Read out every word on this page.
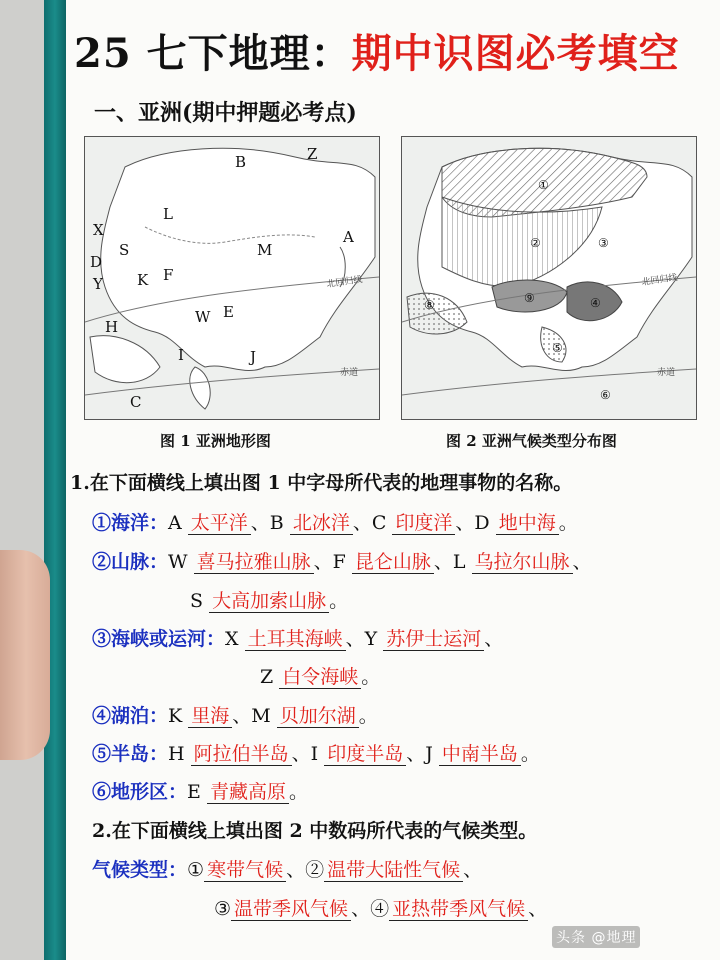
25 七下地理：期中识图必考填空
一、亚洲(期中押题必考点)
北回归线
赤道
A
B
C
D
E
F
H
I	J
K
L
M
S
W
X
Y
Z
北回归线
赤道
①
②	③
④
⑤
⑥
⑧	⑨
图 1 亚洲地形图	图 2 亚洲气候类型分布图
1.在下面横线上填出图 1 中字母所代表的地理事物的名称。
①海洋：A 太平洋 、B 北冰洋 、C 印度洋 、D 地中海 。
②山脉：W 喜马拉雅山脉 、F 昆仑山脉 、L 乌拉尔山脉 、
S 大高加索山脉 。
③海峡或运河：X 土耳其海峡 、Y 苏伊士运河 、
Z 白令海峡 。
④湖泊：K 里海 、M 贝加尔湖 。
⑤半岛：H 阿拉伯半岛 、I 印度半岛 、J 中南半岛 。
⑥地形区：E 青藏高原 。
2.在下面横线上填出图 2 中数码所代表的气候类型。
气候类型：① 寒带气候 、② 温带大陆性气候 、
③ 温带季风气候 、④ 亚热带季风气候 、
头条 @地理
